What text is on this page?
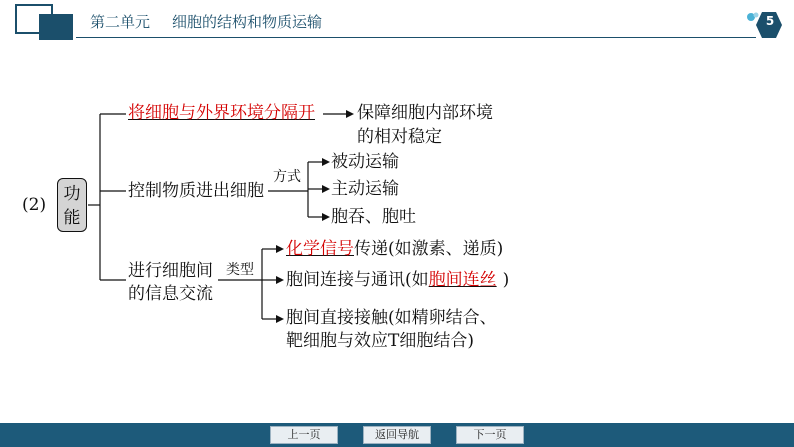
第二单元 细胞的结构和物质运输	5
(2)
功
能
将细胞与外界环境分隔开 保障细胞内部环境
的相对稳定
控制物质进出细胞
方式
被动运输
主动运输
胞吞、胞吐
进行细胞间
的信息交流
类型
化学信号传递(如激素、递质)
胞间连接与通讯(如胞间连丝 )
胞间直接接触(如精卵结合、
靶细胞与效应T细胞结合)
上一页	返回导航	下一页
